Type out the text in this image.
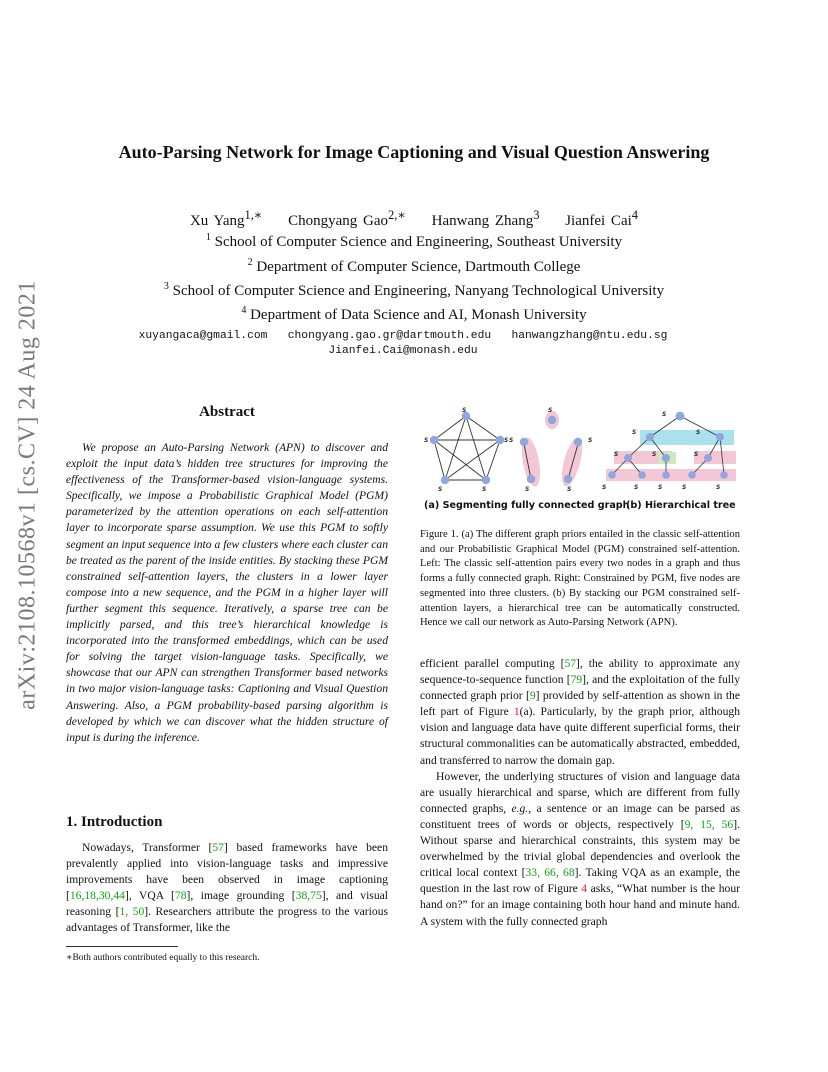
arXiv:2108.10568v1 [cs.CV] 24 Aug 2021
Auto-Parsing Network for Image Captioning and Visual Question Answering
Xu Yang$^{1,∗}$ Chongyang Gao$^{2,∗}$ Hanwang Zhang$^3$ Jianfei Cai$^4$
$^1$ School of Computer Science and Engineering, Southeast University
$^2$ Department of Computer Science, Dartmouth College
$^3$ School of Computer Science and Engineering, Nanyang Technological University
$^4$ Department of Data Science and AI, Monash University
xuyangaca@gmail.com   chongyang.gao.gr@dartmouth.edu   hanwangzhang@ntu.edu.sg
Jianfei.Cai@monash.edu
Abstract

We propose an Auto-Parsing Network (APN) to discover and exploit the input data’s hidden tree structures for improving the effectiveness of the Transformer-based vision-language systems. Specifically, we impose a Probabilistic Graphical Model (PGM) parameterized by the attention operations on each self-attention layer to incorporate sparse assumption. We use this PGM to softly segment an input sequence into a few clusters where each cluster can be treated as the parent of the inside entities. By stacking these PGM constrained self-attention layers, the clusters in a lower layer compose into a new sequence, and the PGM in a higher layer will further segment this sequence. Iteratively, a sparse tree can be implicitly parsed, and this tree’s hierarchical knowledge is incorporated into the transformed embeddings, which can be used for solving the target vision-language tasks. Specifically, we showcase that our APN can strengthen Transformer based networks in two major vision-language tasks: Captioning and Visual Question Answering. Also, a PGM probability-based parsing algorithm is developed by which we can discover what the hidden structure of input is during the inference.

1. Introduction

Nowadays, Transformer [57] based frameworks have been prevalently applied into vision-language tasks and impressive improvements have been observed in image captioning [16,18,30,44], VQA [78], image grounding [38,75], and visual reasoning [1, 50]. Researchers attribute the progress to the various advantages of Transformer, like the

∗Both authors contributed equally to this research.
S
S	S
S	S
S
S
S
S
S
S
S	S
S	S	S
S	S	S	S	S
(a) Segmenting fully connected graph
(b) Hierarchical tree
Figure 1. (a) The different graph priors entailed in the classic self-attention and our Probabilistic Graphical Model (PGM) constrained self-attention. Left: The classic self-attention pairs every two nodes in a graph and thus forms a fully connected graph. Right: Constrained by PGM, five nodes are segmented into three clusters. (b) By stacking our PGM constrained self-attention layers, a hierarchical tree can be automatically constructed. Hence we call our network as Auto-Parsing Network (APN).

efficient parallel computing [57], the ability to approximate any sequence-to-sequence function [79], and the exploitation of the fully connected graph prior [9] provided by self-attention as shown in the left part of Figure 1(a). Particularly, by the graph prior, although vision and language data have quite different superficial forms, their structural commonalities can be automatically abstracted, embedded, and transferred to narrow the domain gap.

However, the underlying structures of vision and language data are usually hierarchical and sparse, which are different from fully connected graphs, e.g., a sentence or an image can be parsed as constituent trees of words or objects, respectively [9, 15, 56]. Without sparse and hierarchical constraints, this system may be overwhelmed by the trivial global dependencies and overlook the critical local context [33, 66, 68]. Taking VQA as an example, the question in the last row of Figure 4 asks, “What number is the hour hand on?” for an image containing both hour hand and minute hand. A system with the fully connected graph
